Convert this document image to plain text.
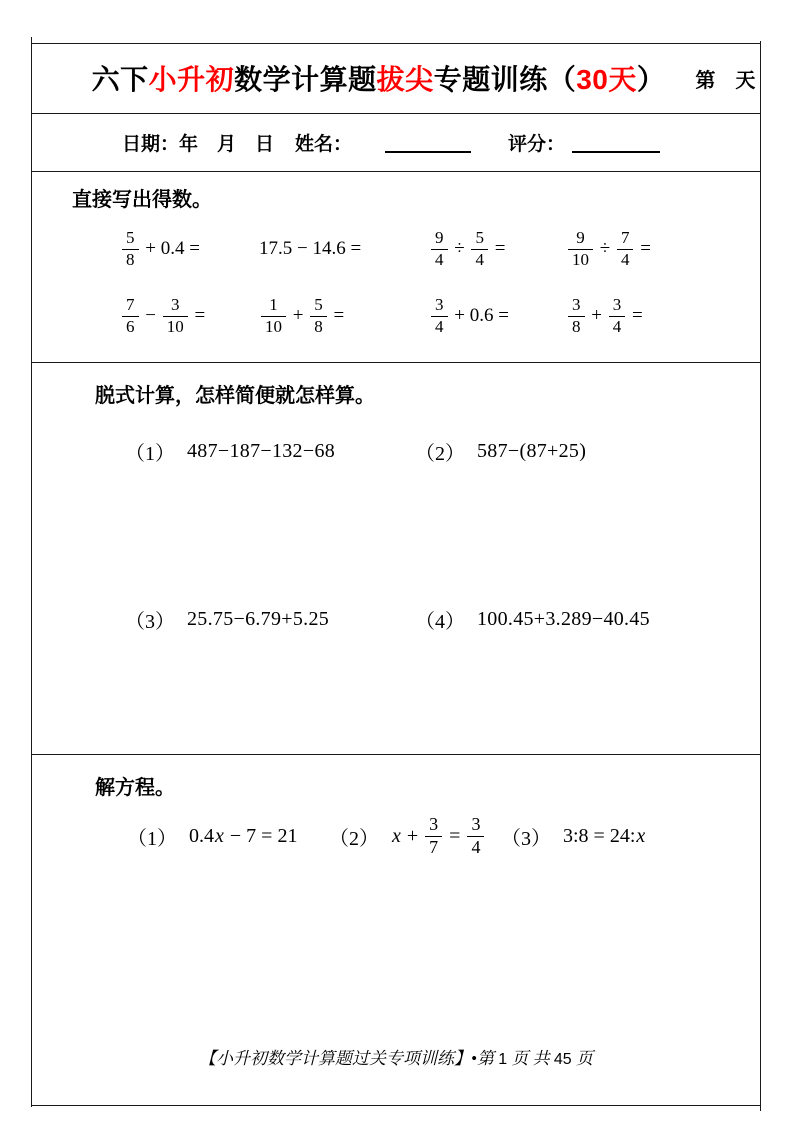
六下小升初数学计算题拔尖专题训练（30天） 第　天
日期：年　月　日 姓名：	评分：
直接写出得数。
$\frac{5}{8} + 0.4$ =	17.5 − 14.6 =	$\frac{9}{4} \div \frac{5}{4}$ =	$\frac{9}{10} \div \frac{7}{4}$ =
$\frac{7}{6} - \frac{3}{10}$ =	$\frac{1}{10} + \frac{5}{8}$ =	$\frac{3}{4} + 0.6$ =	$\frac{3}{8} + \frac{3}{4}$ =
脱式计算，怎样简便就怎样算。
（1） 487−187−132−68	（2） 587−(87+25)
（3） 25.75−6.79+5.25	（4） 100.45+3.289−40.45
解方程。
（1） 0.4 x − 7 = 21 （2） $x + \frac{3}{7} = \frac{3}{4} (3)$ 3:8 = 24: x
【小升初数学计算题过关专项训练】•第 1 页 共 45 页
